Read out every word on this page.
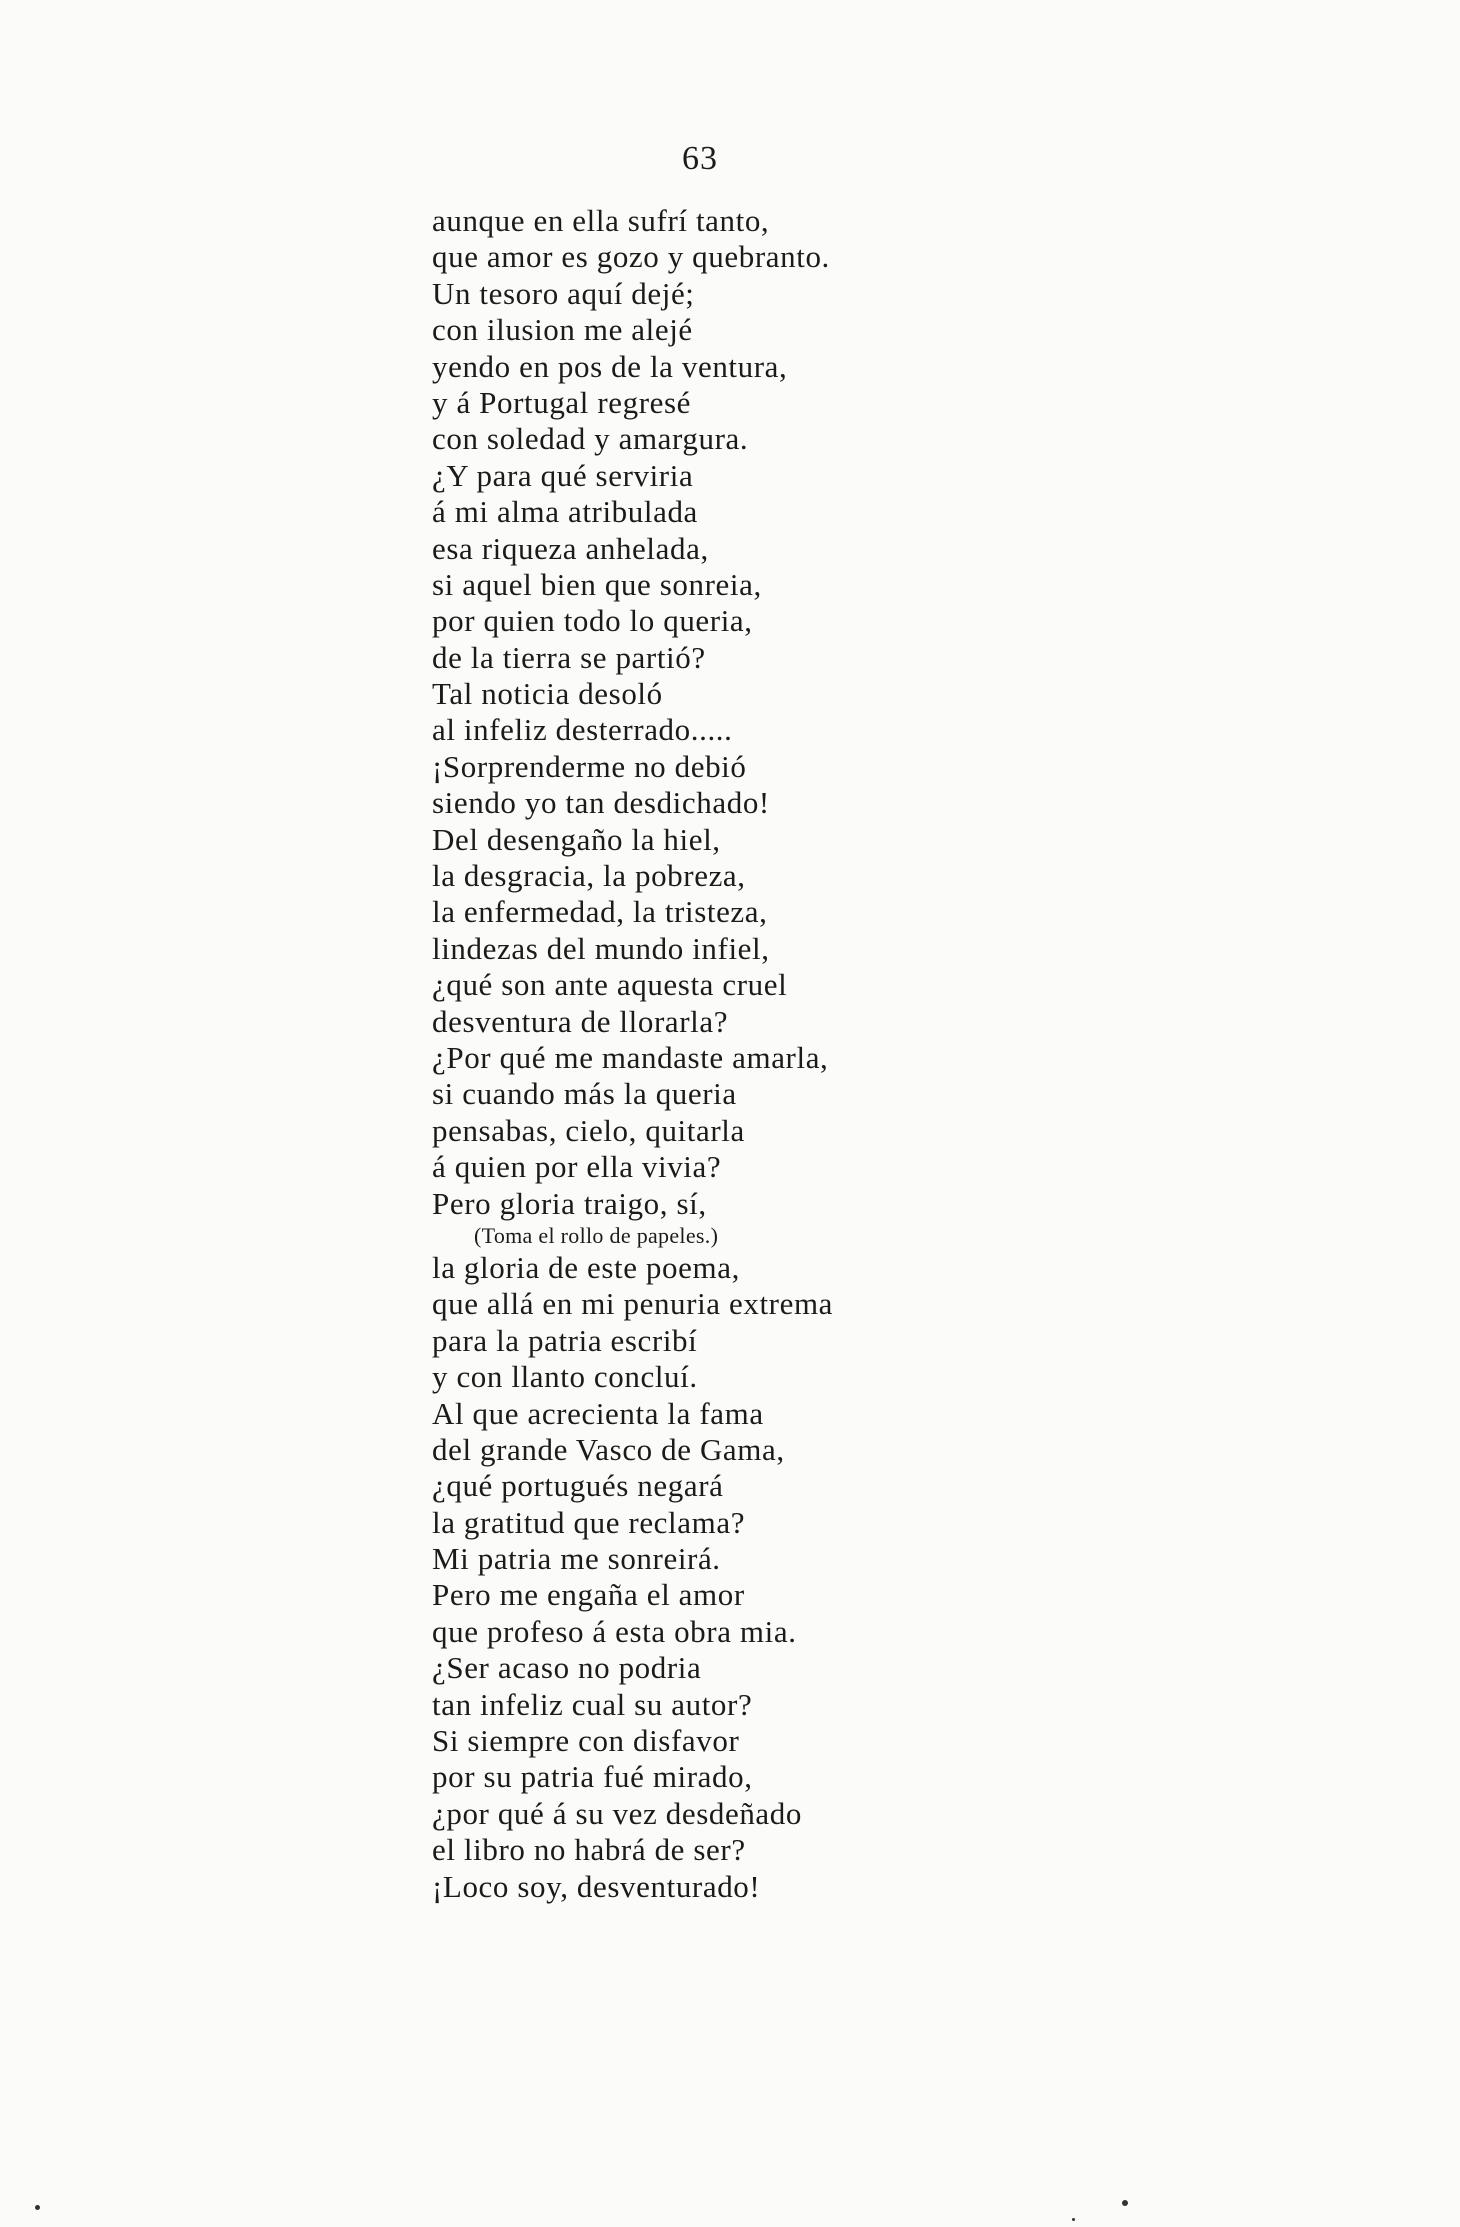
63
aunque en ella sufrí tanto,
que amor es gozo y quebranto.
Un tesoro aquí dejé;
con ilusion me alejé
yendo en pos de la ventura,
y á Portugal regresé
con soledad y amargura.
¿Y para qué serviria
á mi alma atribulada
esa riqueza anhelada,
si aquel bien que sonreia,
por quien todo lo queria,
de la tierra se partió?
Tal noticia desoló
al infeliz desterrado.....
¡Sorprenderme no debió
siendo yo tan desdichado!
Del desengaño la hiel,
la desgracia, la pobreza,
la enfermedad, la tristeza,
lindezas del mundo infiel,
¿qué son ante aquesta cruel
desventura de llorarla?
¿Por qué me mandaste amarla,
si cuando más la queria
pensabas, cielo, quitarla
á quien por ella vivia?
Pero gloria traigo, sí,
(Toma el rollo de papeles.)
la gloria de este poema,
que allá en mi penuria extrema
para la patria escribí
y con llanto concluí.
Al que acrecienta la fama
del grande Vasco de Gama,
¿qué portugués negará
la gratitud que reclama?
Mi patria me sonreirá.
Pero me engaña el amor
que profeso á esta obra mia.
¿Ser acaso no podria
tan infeliz cual su autor?
Si siempre con disfavor
por su patria fué mirado,
¿por qué á su vez desdeñado
el libro no habrá de ser?
¡Loco soy, desventurado!
